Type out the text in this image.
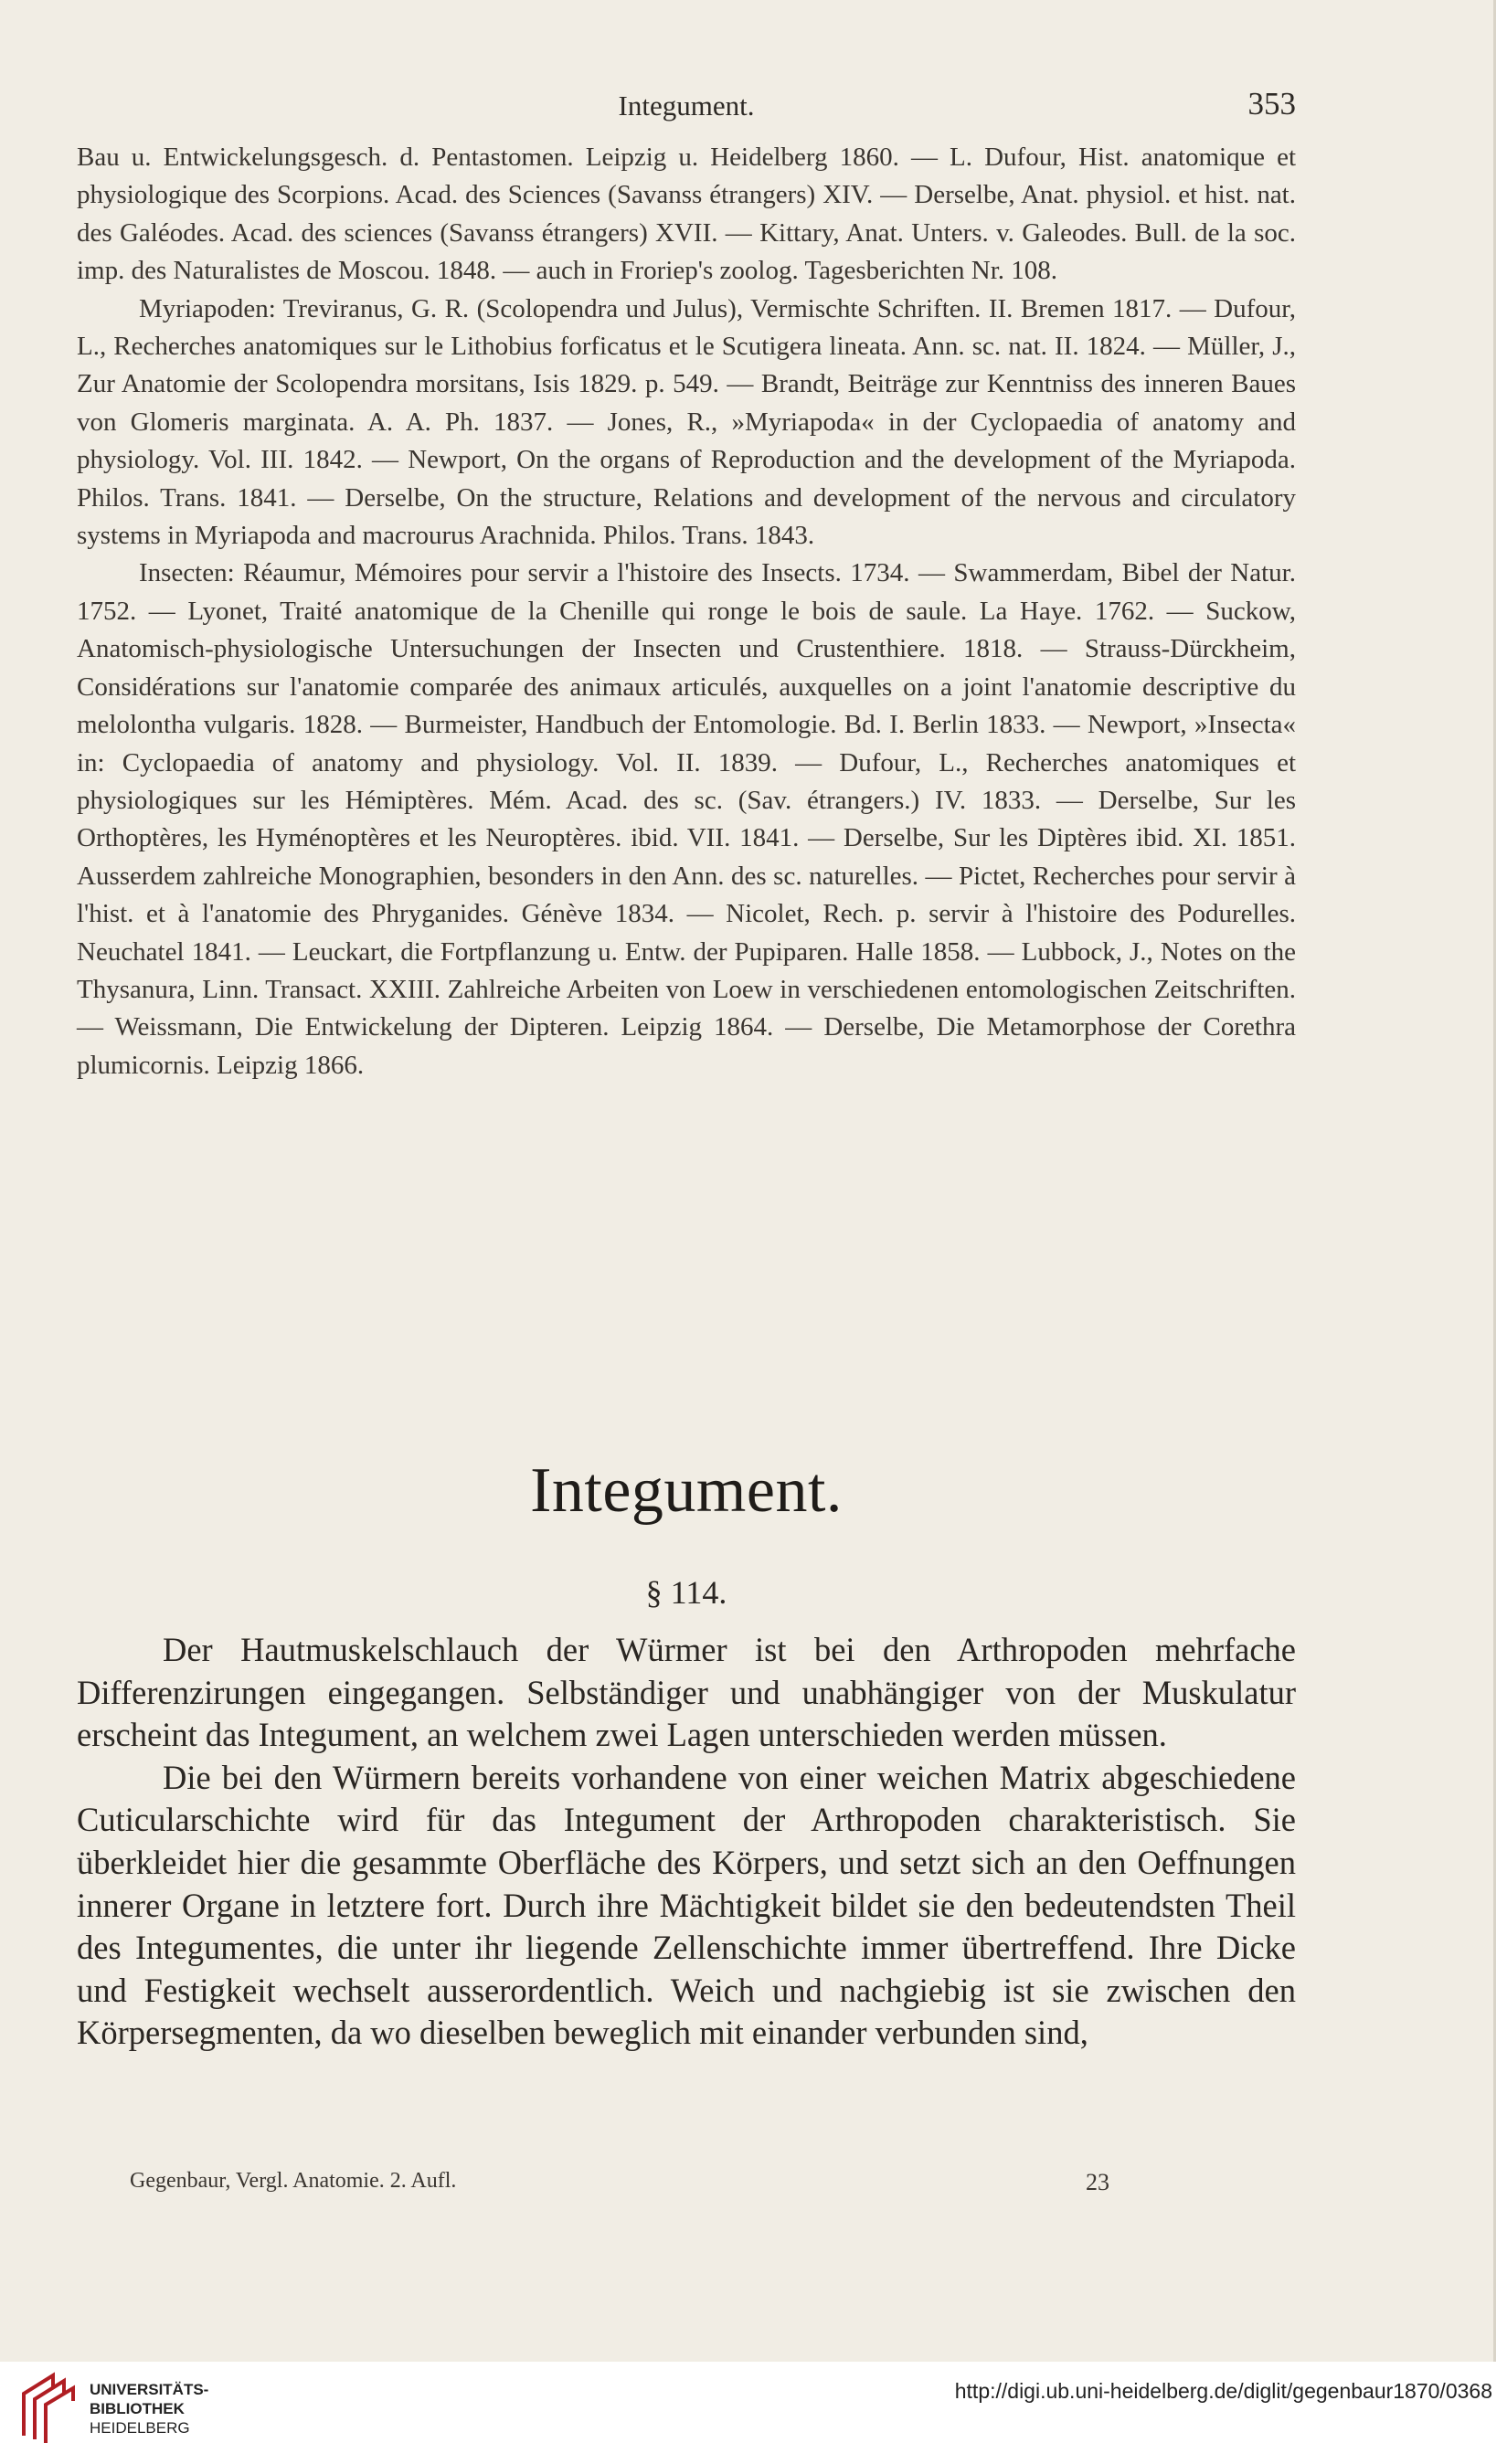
Integument.	353

Bau u. Entwickelungsgesch. d. Pentastomen. Leipzig u. Heidelberg 1860. — L. Dufour, Hist. anatomique et physiologique des Scorpions. Acad. des Sciences (Savanss étrangers) XIV. — Derselbe, Anat. physiol. et hist. nat. des Galéodes. Acad. des sciences (Savanss étrangers) XVII. — Kittary, Anat. Unters. v. Galeodes. Bull. de la soc. imp. des Naturalistes de Moscou. 1848. — auch in Froriep's zoolog. Tagesberichten Nr. 108.

Myriapoden: Treviranus, G. R. (Scolopendra und Julus), Vermischte Schriften. II. Bremen 1817. — Dufour, L., Recherches anatomiques sur le Lithobius forficatus et le Scutigera lineata. Ann. sc. nat. II. 1824. — Müller, J., Zur Anatomie der Scolopendra morsitans, Isis 1829. p. 549. — Brandt, Beiträge zur Kenntniss des inneren Baues von Glomeris marginata. A. A. Ph. 1837. — Jones, R., »Myriapoda« in der Cyclopaedia of anatomy and physiology. Vol. III. 1842. — Newport, On the organs of Reproduction and the development of the Myriapoda. Philos. Trans. 1841. — Derselbe, On the structure, Relations and development of the nervous and circulatory systems in Myriapoda and macrourus Arachnida. Philos. Trans. 1843.

Insecten: Réaumur, Mémoires pour servir a l'histoire des Insects. 1734. — Swammerdam, Bibel der Natur. 1752. — Lyonet, Traité anatomique de la Chenille qui ronge le bois de saule. La Haye. 1762. — Suckow, Anatomisch-physiologische Untersuchungen der Insecten und Crustenthiere. 1818. — Strauss-Dürckheim, Considérations sur l'anatomie comparée des animaux articulés, auxquelles on a joint l'anatomie descriptive du melolontha vulgaris. 1828. — Burmeister, Handbuch der Entomologie. Bd. I. Berlin 1833. — Newport, »Insecta« in: Cyclopaedia of anatomy and physiology. Vol. II. 1839. — Dufour, L., Recherches anatomiques et physiologiques sur les Hémiptères. Mém. Acad. des sc. (Sav. étrangers.) IV. 1833. — Derselbe, Sur les Orthoptères, les Hyménoptères et les Neuroptères. ibid. VII. 1841. — Derselbe, Sur les Diptères ibid. XI. 1851. Ausserdem zahlreiche Monographien, besonders in den Ann. des sc. naturelles. — Pictet, Recherches pour servir à l'hist. et à l'anatomie des Phryganides. Génève 1834. — Nicolet, Rech. p. servir à l'histoire des Podurelles. Neuchatel 1841. — Leuckart, die Fortpflanzung u. Entw. der Pupiparen. Halle 1858. — Lubbock, J., Notes on the Thysanura, Linn. Transact. XXIII. Zahlreiche Arbeiten von Loew in verschiedenen entomologischen Zeitschriften. — Weissmann, Die Entwickelung der Dipteren. Leipzig 1864. — Derselbe, Die Metamorphose der Corethra plumicornis. Leipzig 1866.

Integument.
§ 114.

Der Hautmuskelschlauch der Würmer ist bei den Arthropoden mehrfache Differenzirungen eingegangen. Selbständiger und unabhängiger von der Muskulatur erscheint das Integument, an welchem zwei Lagen unterschieden werden müssen.

Die bei den Würmern bereits vorhandene von einer weichen Matrix abgeschiedene Cuticularschichte wird für das Integument der Arthropoden charakteristisch. Sie überkleidet hier die gesammte Oberfläche des Körpers, und setzt sich an den Oeffnungen innerer Organe in letztere fort. Durch ihre Mächtigkeit bildet sie den bedeutendsten Theil des Integumentes, die unter ihr liegende Zellenschichte immer übertreffend. Ihre Dicke und Festigkeit wechselt ausserordentlich. Weich und nachgiebig ist sie zwischen den Körpersegmenten, da wo dieselben beweglich mit einander verbunden sind,

Gegenbaur, Vergl. Anatomie. 2. Aufl.	23
UNIVERSITÄTS-
BIBLIOTHEK
HEIDELBERG
http://digi.ub.uni-heidelberg.de/diglit/gegenbaur1870/0368
